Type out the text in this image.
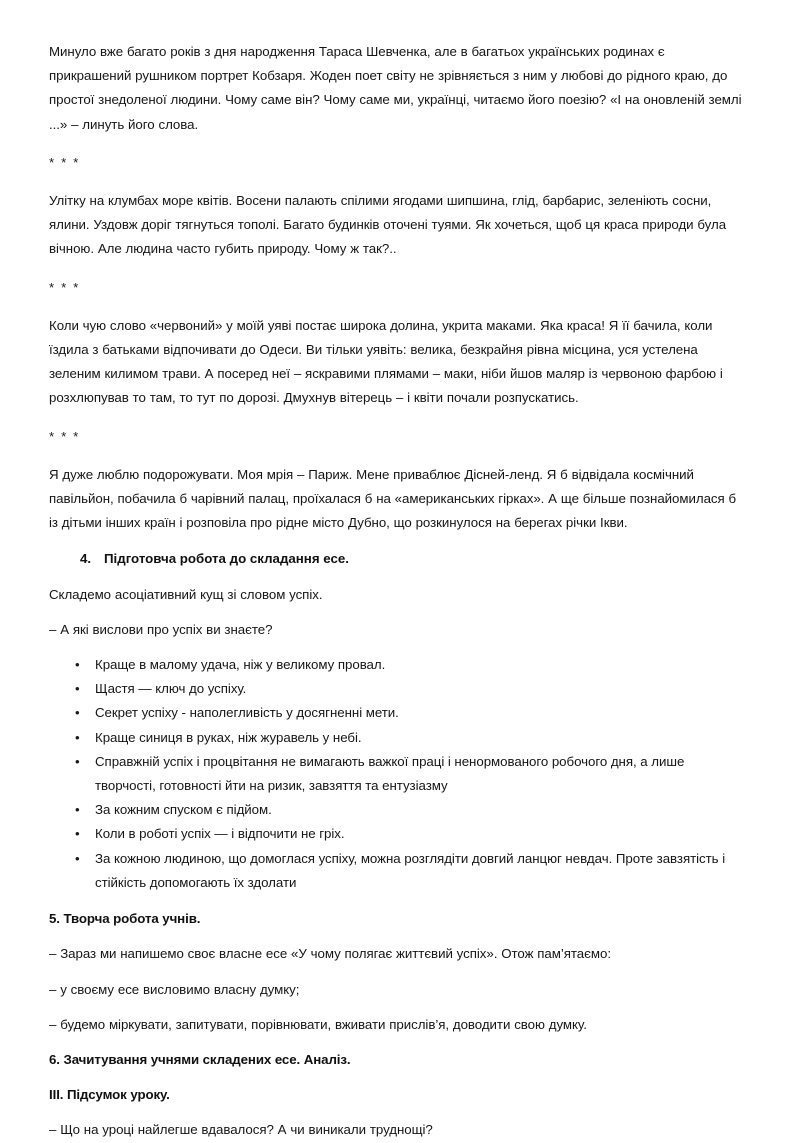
Минуло вже багато років з дня народження Тараса Шевченка, але в багатьох українських родинах є прикрашений рушником портрет Кобзаря. Жоден поет світу не зрівняється з ним у любові до рідного краю, до простої знедоленої людини. Чому саме він? Чому саме ми, українці, читаємо його поезію? «І на оновленій землі ...» – линуть його слова.

* * *

Улітку на клумбах море квітів. Восени палають спілими ягодами шипшина, глід, барбарис, зеленіють сосни, ялини. Уздовж доріг тягнуться тополі. Багато будинків оточені туями. Як хочеться, щоб ця краса природи була вічною. Але людина часто губить природу. Чому ж так?..

* * *

Коли чую слово «червоний» у моїй уяві постає широка долина, укрита маками. Яка краса! Я її бачила, коли їздила з батьками відпочивати до Одеси. Ви тільки уявіть: велика, безкрайня рівна місцина, уся устелена зеленим килимом трави. А посеред неї – яскравими плямами – маки, ніби йшов маляр із червоною фарбою і розхлюпував то там, то тут по дорозі. Дмухнув вітерець – і квіти почали розпускатись.

* * *

Я дуже люблю подорожувати. Моя мрія – Париж. Мене приваблює Дісней-ленд. Я б відвідала космічний павільйон, побачила б чарівний палац, проїхалася б на «американських гірках». А ще більше познайомилася б із дітьми інших країн і розповіла про рідне місто Дубно, що розкинулося на берегах річки Ікви.

4. Підготовча робота до складання есе.

Складемо асоціативний кущ зі словом успіх.

– А які вислови про успіх ви знаєте?

• Краще в малому удача, ніж у великому провал.
• Щастя — ключ до успіху.
• Секрет успіху - наполегливість у досягненні мети.
• Краще синиця в руках, ніж журавель у небі.
• Справжній успіх і процвітання не вимагають важкої праці і ненормованого робочого дня, а лише творчості, готовності йти на ризик, завзяття та ентузіазму
• За кожним спуском є підйом.
• Коли в роботі успіх — і відпочити не гріх.
• За кожною людиною, що домоглася успіху, можна розглядіти довгий ланцюг невдач. Проте завзятість і стійкість допомогають їх здолати

5. Творча робота учнів.

– Зараз ми напишемо своє власне есе «У чому полягає життєвий успіх». Отож пам’ятаємо:

– у своєму есе висловимо власну думку;

– будемо міркувати, запитувати, порівнювати, вживати прислів’я, доводити свою думку.

6. Зачитування учнями складених есе. Аналіз.

III. Підсумок уроку.

– Що на уроці найлегше вдавалося? А чи виникали труднощі?
